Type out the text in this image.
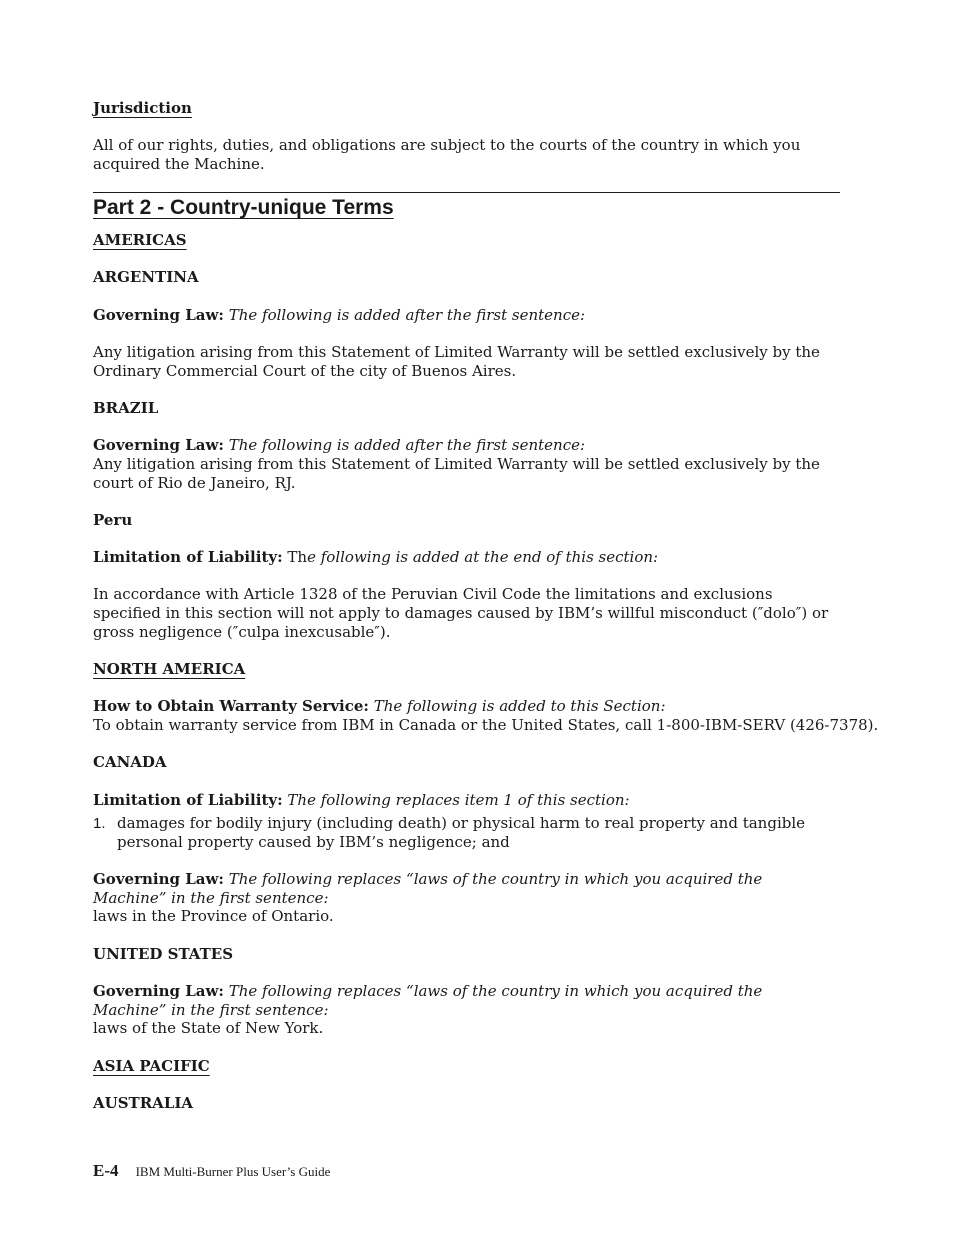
Jurisdiction
All of our rights, duties, and obligations are subject to the courts of the country in which you acquired the Machine.
Part 2 - Country-unique Terms
AMERICAS
ARGENTINA
Governing Law: The following is added after the first sentence:
Any litigation arising from this Statement of Limited Warranty will be settled exclusively by the Ordinary Commercial Court of the city of Buenos Aires.
BRAZIL
Governing Law: The following is added after the first sentence:
Any litigation arising from this Statement of Limited Warranty will be settled exclusively by the court of Rio de Janeiro, RJ.
Peru
Limitation of Liability: The following is added at the end of this section:
In accordance with Article 1328 of the Peruvian Civil Code the limitations and exclusions specified in this section will not apply to damages caused by IBM’s willful misconduct (″dolo″) or gross negligence (″culpa inexcusable″).
NORTH AMERICA
How to Obtain Warranty Service: The following is added to this Section:
To obtain warranty service from IBM in Canada or the United States, call 1-800-IBM-SERV (426-7378).
CANADA
Limitation of Liability: The following replaces item 1 of this section:
1. damages for bodily injury (including death) or physical harm to real property and tangible personal property caused by IBM’s negligence; and
Governing Law: The following replaces “laws of the country in which you acquired the Machine” in the first sentence:
laws in the Province of Ontario.
UNITED STATES
Governing Law: The following replaces “laws of the country in which you acquired the Machine” in the first sentence:
laws of the State of New York.
ASIA PACIFIC
AUSTRALIA
E-4 IBM Multi-Burner Plus User’s Guide
